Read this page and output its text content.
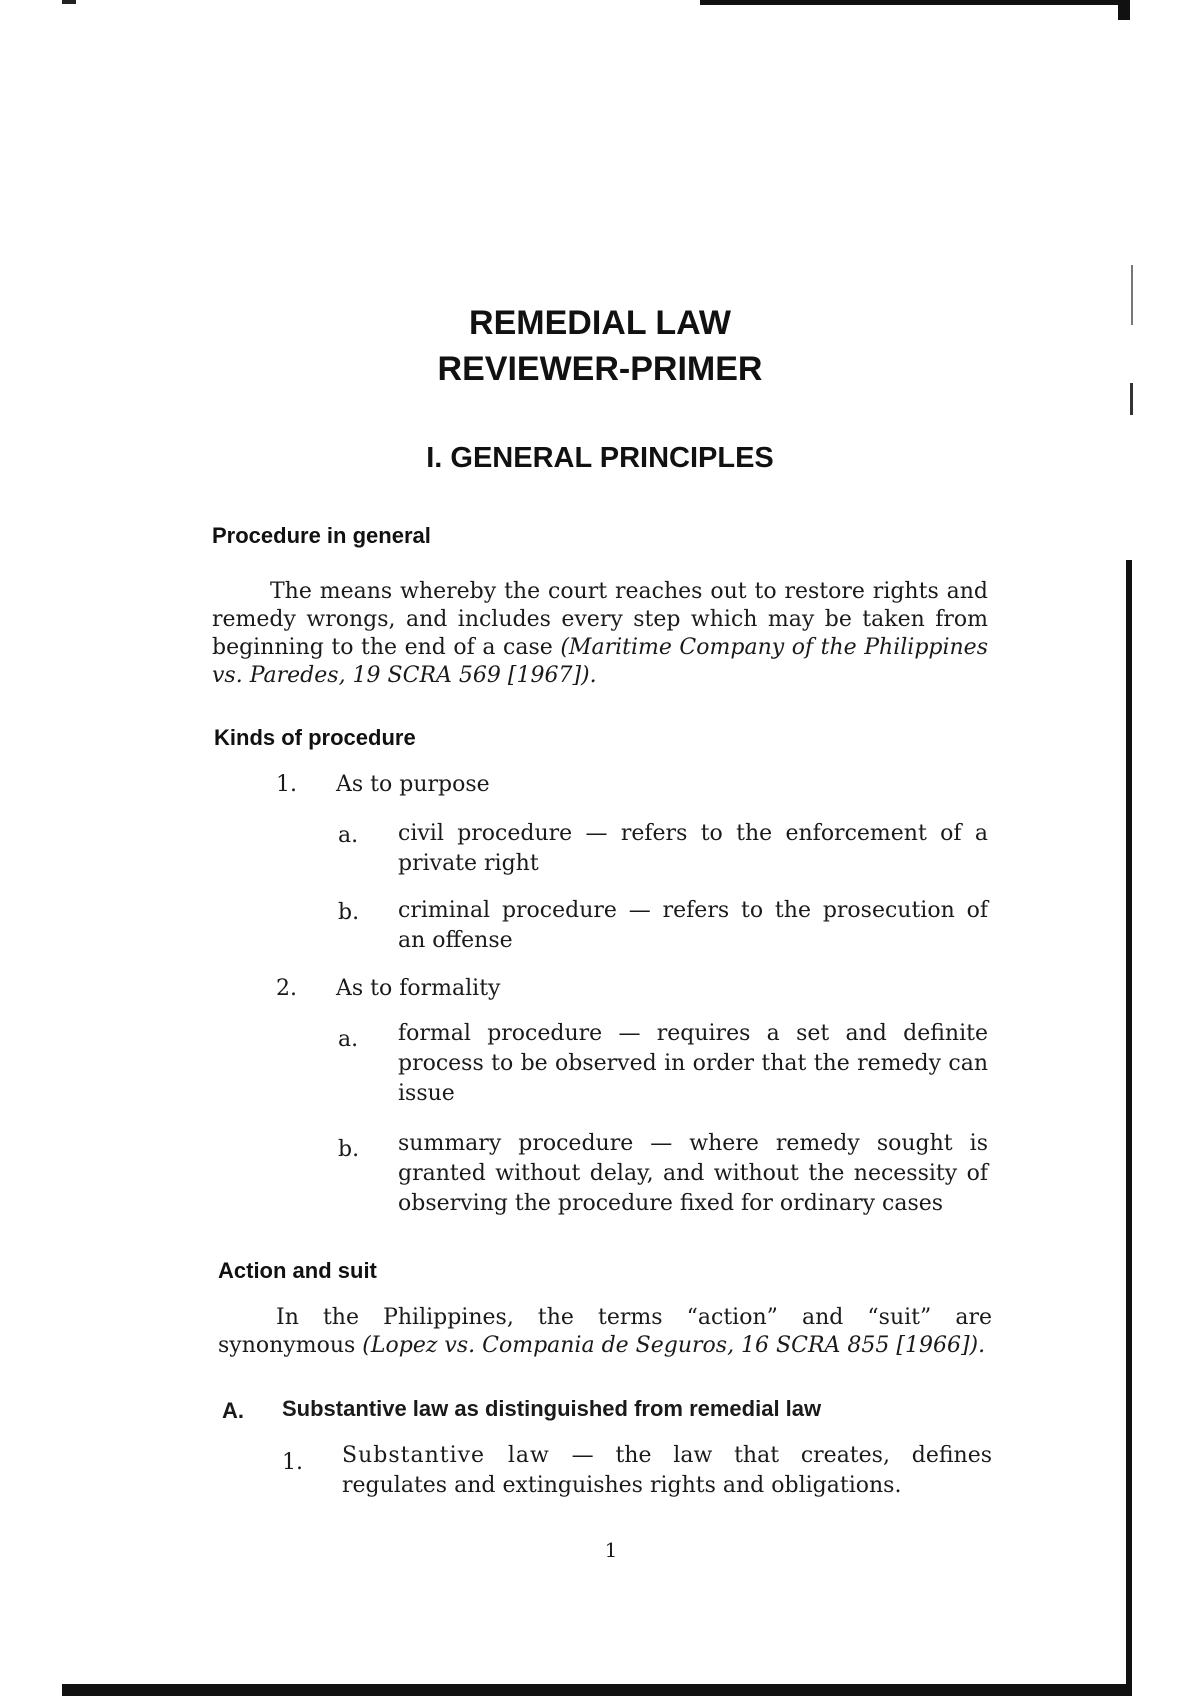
REMEDIAL LAW
REVIEWER-PRIMER
I. GENERAL PRINCIPLES
Procedure in general
The means whereby the court reaches out to restore rights and remedy wrongs, and includes every step which may be taken from beginning to the end of a case (Maritime Company of the Philippines vs. Paredes, 19 SCRA 569 [1967]).
Kinds of procedure
1. As to purpose
a. civil procedure — refers to the enforcement of a private right
b. criminal procedure — refers to the prosecution of an offense
2. As to formality
a. formal procedure — requires a set and definite process to be observed in order that the remedy can issue
b. summary procedure — where remedy sought is granted without delay, and without the necessity of observing the procedure fixed for ordinary cases
Action and suit
In the Philippines, the terms “action” and “suit” are synonymous (Lopez vs. Compania de Seguros, 16 SCRA 855 [1966]).
A. Substantive law as distinguished from remedial law
1. Substantive law — the law that creates, defines regulates and extinguishes rights and obligations.
1
